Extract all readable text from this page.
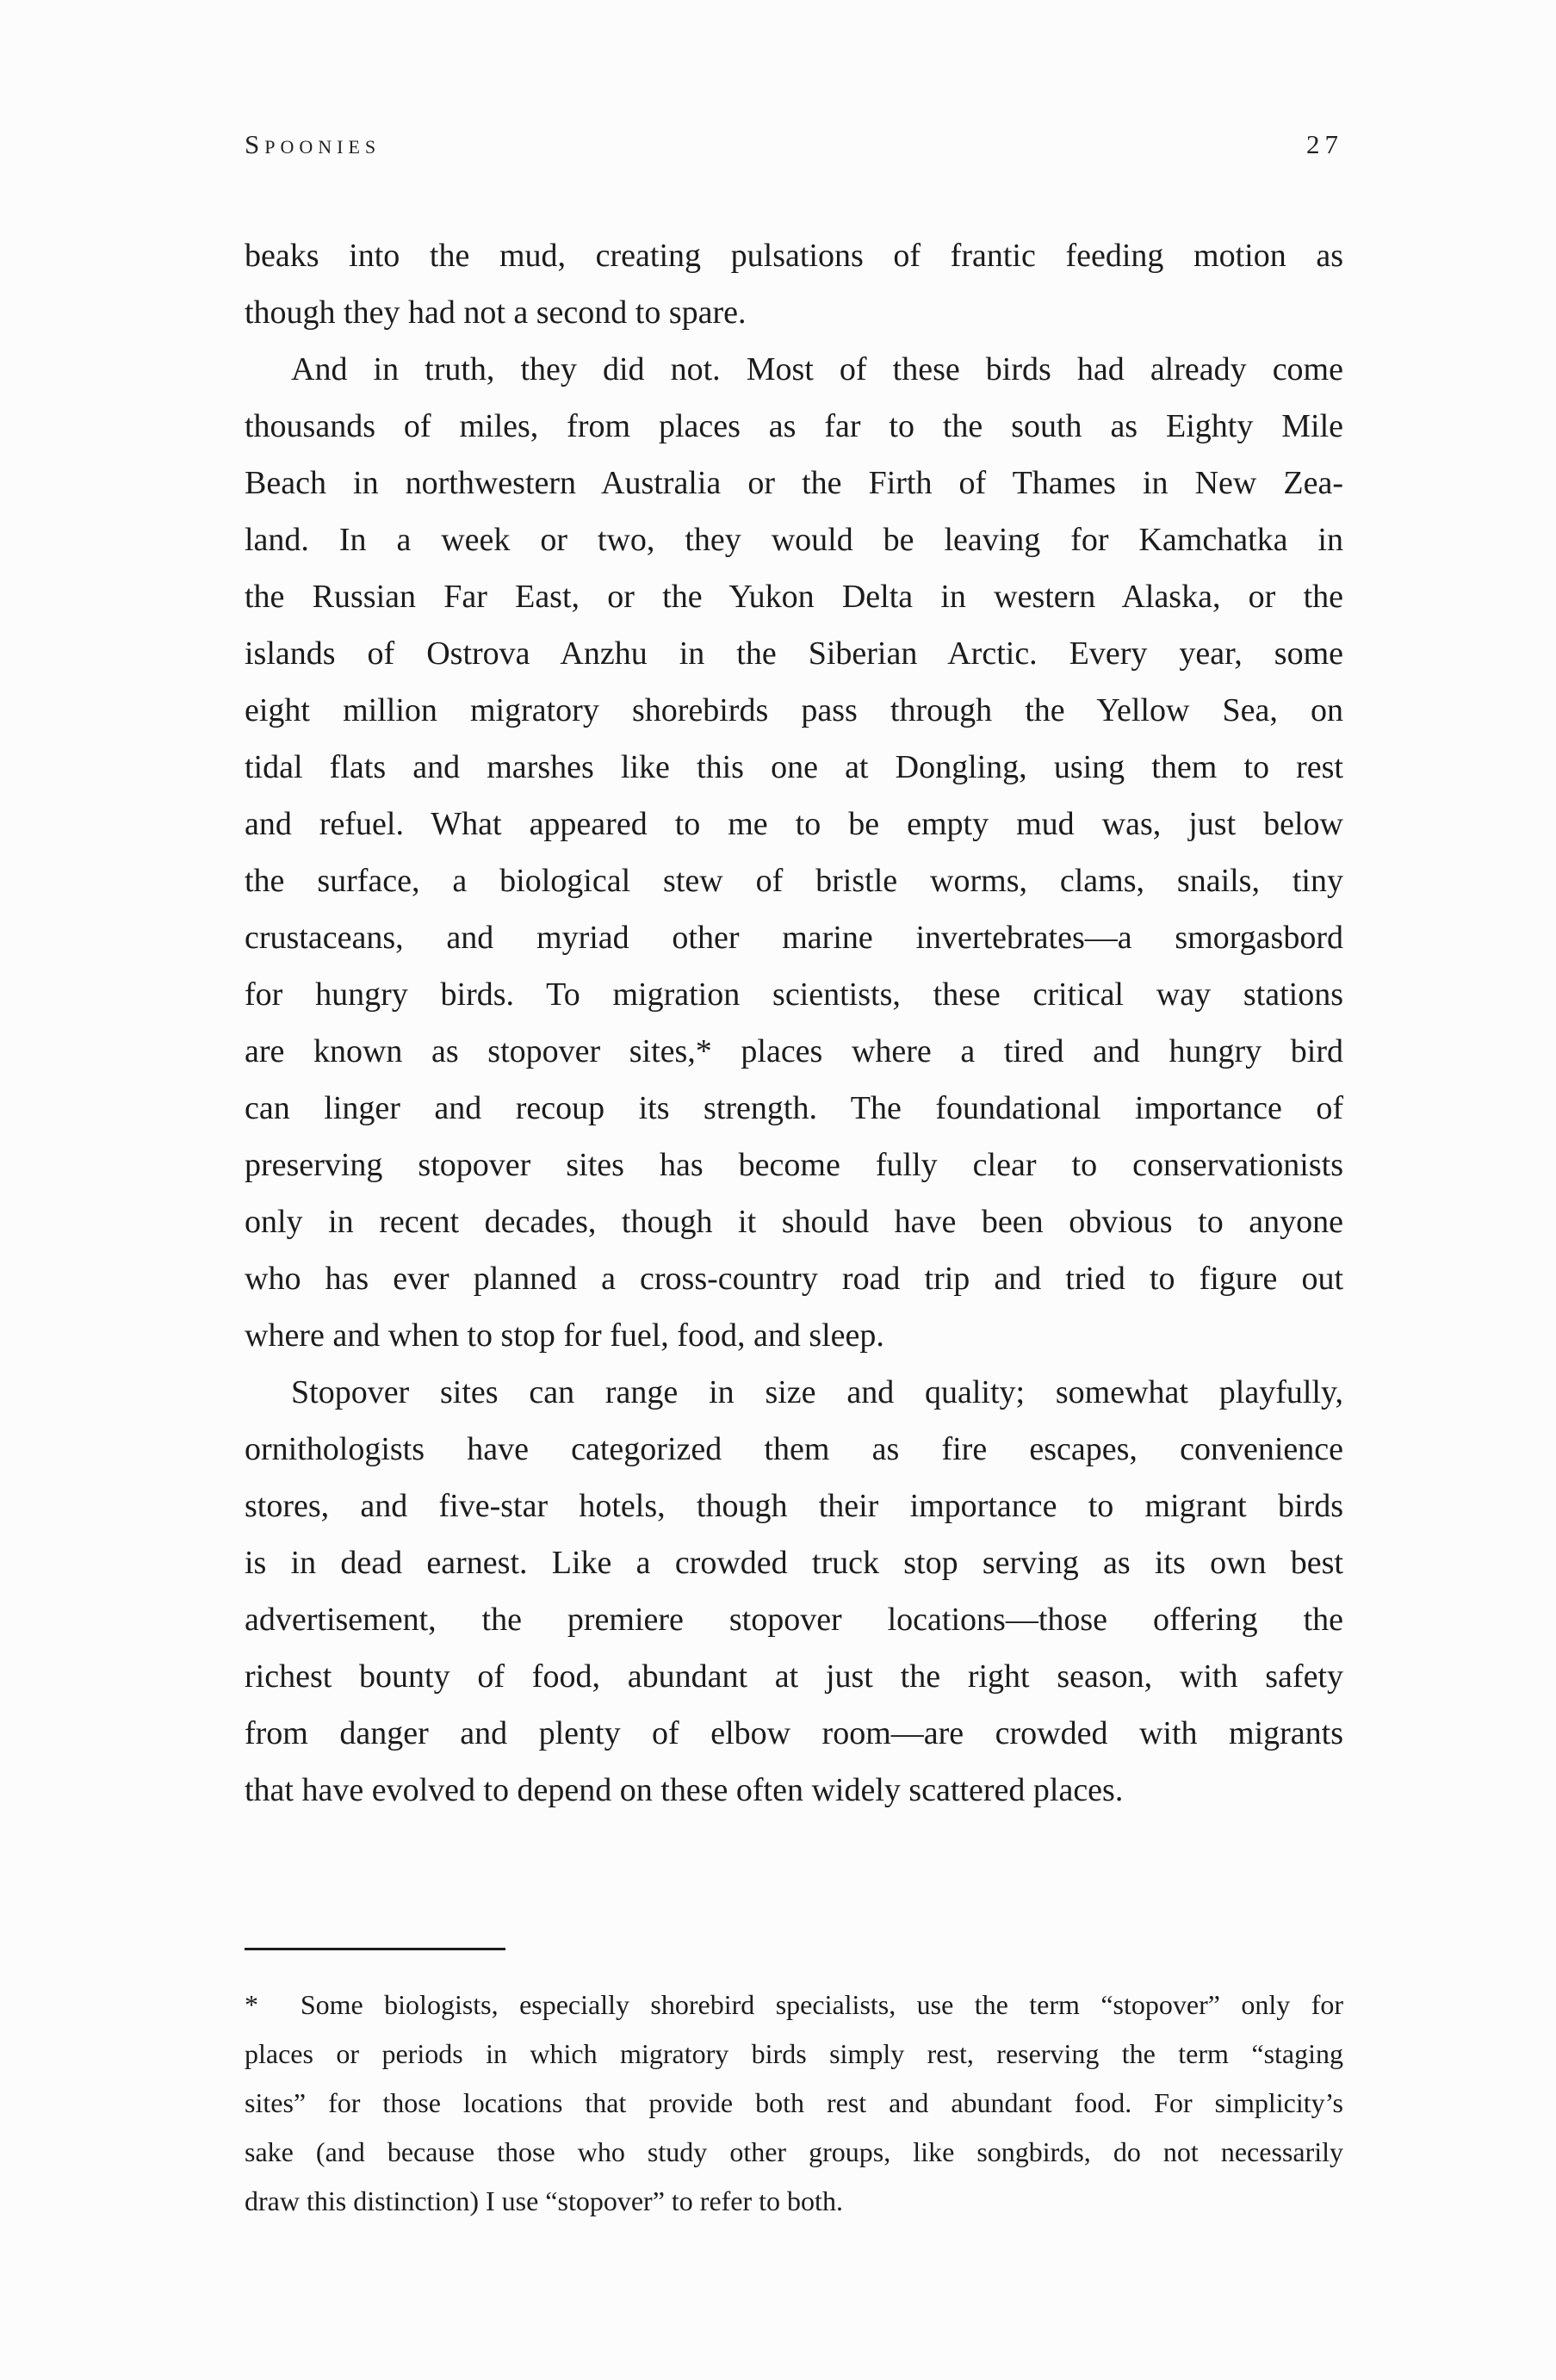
Spoonies	27
beaks into the mud, creating pulsations of frantic feeding motion as
though they had not a second to spare.
And in truth, they did not. Most of these birds had already come
thousands of miles, from places as far to the south as Eighty Mile
Beach in northwestern Australia or the Firth of Thames in New Zea-
land. In a week or two, they would be leaving for Kamchatka in
the Russian Far East, or the Yukon Delta in western Alaska, or the
islands of Ostrova Anzhu in the Siberian Arctic. Every year, some
eight million migratory shorebirds pass through the Yellow Sea, on
tidal flats and marshes like this one at Dongling, using them to rest
and refuel. What appeared to me to be empty mud was, just below
the surface, a biological stew of bristle worms, clams, snails, tiny
crustaceans, and myriad other marine invertebrates—a smorgasbord
for hungry birds. To migration scientists, these critical way stations
are known as stopover sites,* places where a tired and hungry bird
can linger and recoup its strength. The foundational importance of
preserving stopover sites has become fully clear to conservationists
only in recent decades, though it should have been obvious to anyone
who has ever planned a cross-country road trip and tried to figure out
where and when to stop for fuel, food, and sleep.
Stopover sites can range in size and quality; somewhat playfully,
ornithologists have categorized them as fire escapes, convenience
stores, and five-star hotels, though their importance to migrant birds
is in dead earnest. Like a crowded truck stop serving as its own best
advertisement, the premiere stopover locations—those offering the
richest bounty of food, abundant at just the right season, with safety
from danger and plenty of elbow room—are crowded with migrants
that have evolved to depend on these often widely scattered places.
*  Some biologists, especially shorebird specialists, use the term “stopover” only for
places or periods in which migratory birds simply rest, reserving the term “staging
sites” for those locations that provide both rest and abundant food. For simplicity’s
sake (and because those who study other groups, like songbirds, do not necessarily
draw this distinction) I use “stopover” to refer to both.
